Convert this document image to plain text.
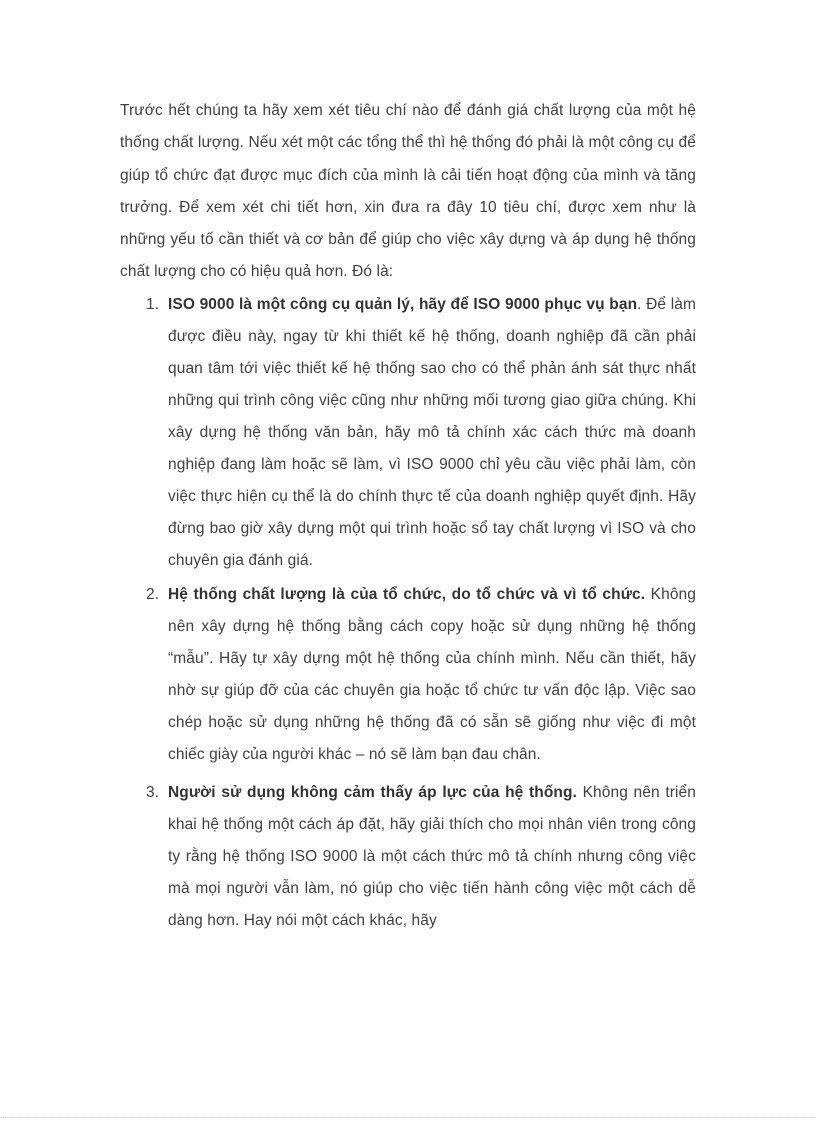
Trước hết chúng ta hãy xem xét tiêu chí nào để đánh giá chất lượng của một hệ thống chất lượng. Nếu xét một các tổng thể thì hệ thống đó phải là một công cụ để giúp tổ chức đạt được mục đích của mình là cải tiến hoạt động của mình và tăng trưởng. Để xem xét chi tiết hơn, xin đưa ra đây 10 tiêu chí, được xem như là những yếu tố cần thiết và cơ bản để giúp cho việc xây dựng và áp dụng hệ thống chất lượng cho có hiệu quả hơn. Đó là:

1. ISO 9000 là một công cụ quản lý, hãy để ISO 9000 phục vụ bạn. Để làm được điều này, ngay từ khi thiết kế hệ thống, doanh nghiệp đã cần phải quan tâm tới việc thiết kế hệ thống sao cho có thể phản ánh sát thực nhất những qui trình công việc cũng như những mối tương giao giữa chúng. Khi xây dựng hệ thống văn bản, hãy mô tả chính xác cách thức mà doanh nghiệp đang làm hoặc sẽ làm, vì ISO 9000 chỉ yêu cầu việc phải làm, còn việc thực hiện cụ thể là do chính thực tế của doanh nghiệp quyết định. Hãy đừng bao giờ xây dựng một qui trình hoặc sổ tay chất lượng vì ISO và cho chuyên gia đánh giá.
2. Hệ thống chất lượng là của tổ chức, do tổ chức và vì tổ chức. Không nên xây dựng hệ thống bằng cách copy hoặc sử dụng những hệ thống “mẫu”. Hãy tự xây dựng một hệ thống của chính mình. Nếu cần thiết, hãy nhờ sự giúp đỡ của các chuyên gia hoặc tổ chức tư vấn độc lập. Việc sao chép hoặc sử dụng những hệ thống đã có sẵn sẽ giống như việc đi một chiếc giày của người khác – nó sẽ làm bạn đau chân.
3. Người sử dụng không cảm thấy áp lực của hệ thống. Không nên triển khai hệ thống một cách áp đặt, hãy giải thích cho mọi nhân viên trong công ty rằng hệ thống ISO 9000 là một cách thức mô tả chính nhưng công việc mà mọi người vẫn làm, nó giúp cho việc tiến hành công việc một cách dễ dàng hơn. Hay nói một cách khác, hãy
